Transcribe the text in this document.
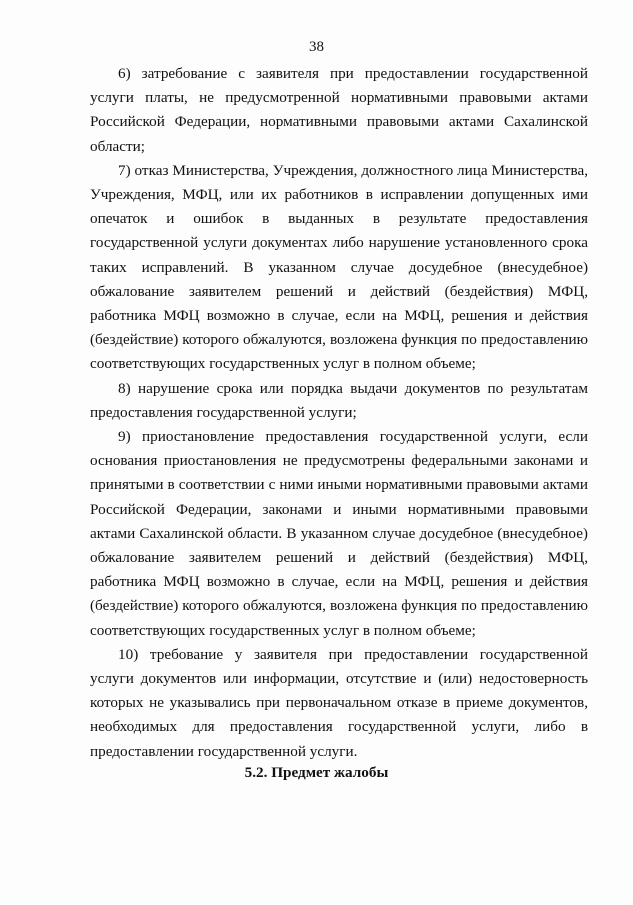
38

6) затребование с заявителя при предоставлении государственной услуги платы, не предусмотренной нормативными правовыми актами Российской Федерации, нормативными правовыми актами Сахалинской области;

7) отказ Министерства, Учреждения, должностного лица Министерства, Учреждения, МФЦ, или их работников в исправлении допущенных ими опечаток и ошибок в выданных в результате предоставления государственной услуги документах либо нарушение установленного срока таких исправлений. В указанном случае досудебное (внесудебное) обжалование заявителем решений и действий (бездействия) МФЦ, работника МФЦ возможно в случае, если на МФЦ, решения и действия (бездействие) которого обжалуются, возложена функция по предоставлению соответствующих государственных услуг в полном объеме;

8) нарушение срока или порядка выдачи документов по результатам предоставления государственной услуги;

9) приостановление предоставления государственной услуги, если основания приостановления не предусмотрены федеральными законами и принятыми в соответствии с ними иными нормативными правовыми актами Российской Федерации, законами и иными нормативными правовыми актами Сахалинской области. В указанном случае досудебное (внесудебное) обжалование заявителем решений и действий (бездействия) МФЦ, работника МФЦ возможно в случае, если на МФЦ, решения и действия (бездействие) которого обжалуются, возложена функция по предоставлению соответствующих государственных услуг в полном объеме;

10) требование у заявителя при предоставлении государственной услуги документов или информации, отсутствие и (или) недостоверность которых не указывались при первоначальном отказе в приеме документов, необходимых для предоставления государственной услуги, либо в предоставлении государственной услуги.

5.2. Предмет жалобы
